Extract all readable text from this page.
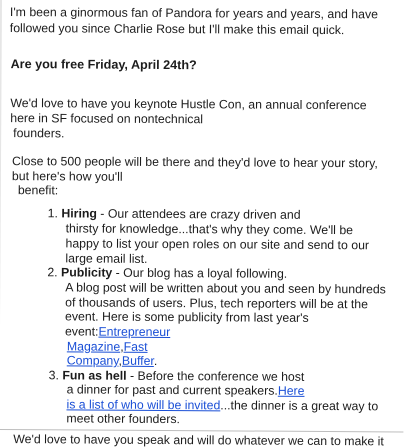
I'm been a ginormous fan of Pandora for years and years, and have
followed you since Charlie Rose but I'll make this email quick.
Are you free Friday, April 24th?
We'd love to have you keynote Hustle Con, an annual conference
here in SF focused on nontechnical
founders.
Close to 500 people will be there and they'd love to hear your story,
but here's how you'll
benefit:
1. Hiring - Our attendees are crazy driven and
thirsty for knowledge...that's why they come. We'll be
happy to list your open roles on our site and send to our
large email list.
2. Publicity - Our blog has a loyal following.
A blog post will be written about you and seen by hundreds
of thousands of users. Plus, tech reporters will be at the
event. Here is some publicity from last year's
event:Entrepreneur
Magazine,Fast
Company,Buffer.
3. Fun as hell - Before the conference we host
a dinner for past and current speakers.Here
is a list of who will be invited...the dinner is a great way to
meet other founders.
We'd love to have you speak and will do whatever we can to make it
